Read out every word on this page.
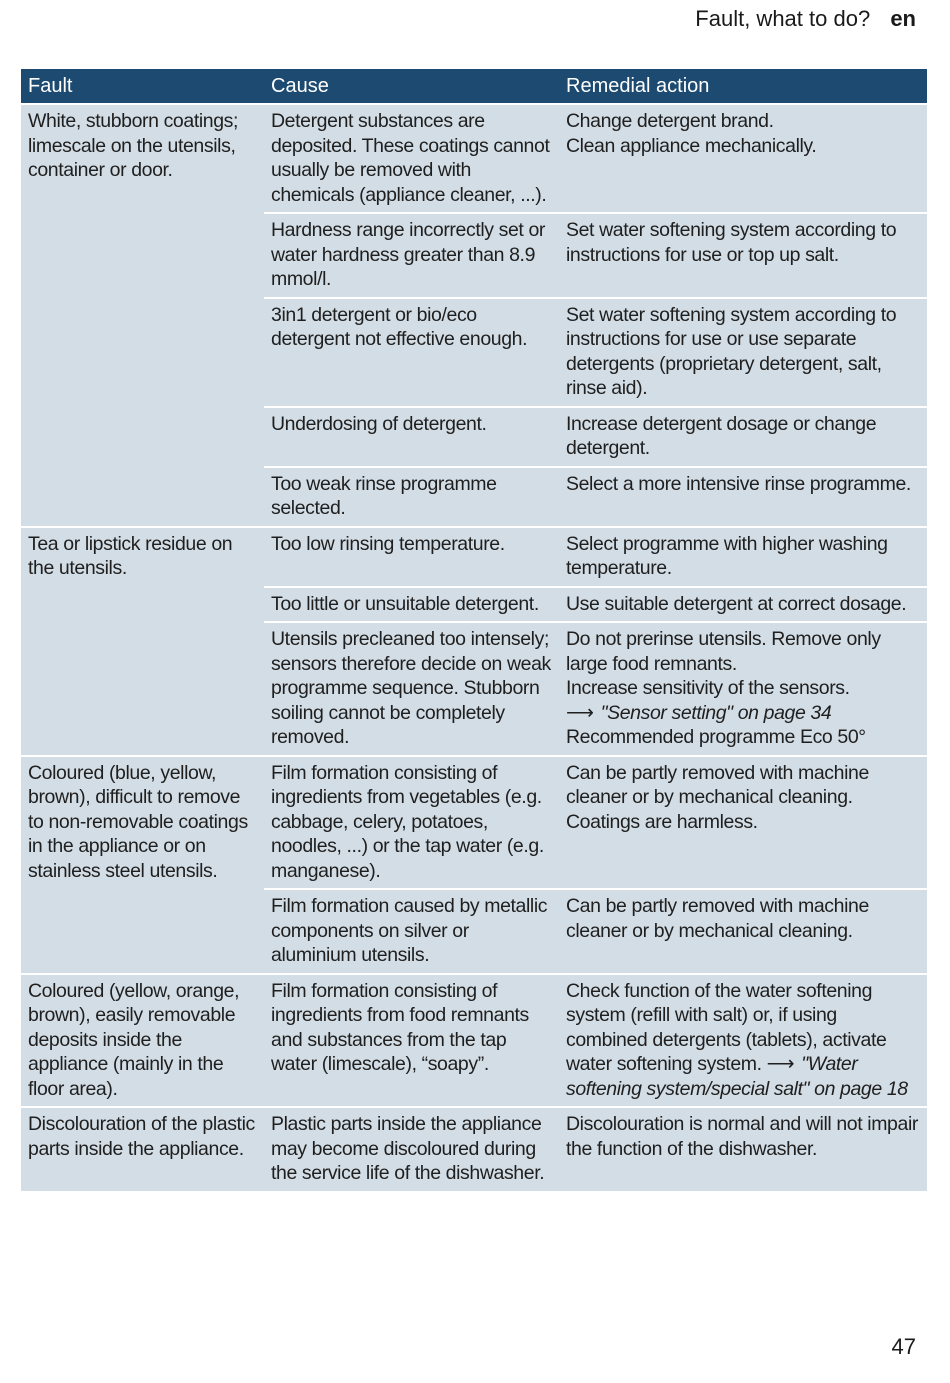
Fault, what to do? en
Fault	Cause	Remedial action
White, stubborn coatings; limescale on the utensils, container or door.	Detergent substances are deposited. These coatings cannot usually be removed with chemicals (appliance cleaner, ...).	Change detergent brand.
Clean appliance mechanically.

	Hardness range incorrectly set or water hardness greater than 8.9 mmol/l.	Set water softening system according to instructions for use or top up salt.
	3in1 detergent or bio/eco detergent not effective enough.	Set water softening system according to instructions for use or use separate detergents (proprietary detergent, salt, rinse aid).
	Underdosing of detergent.	Increase detergent dosage or change detergent.
	Too weak rinse programme selected.	Select a more intensive rinse programme.
Tea or lipstick residue on the utensils.	Too low rinsing temperature.	Select programme with higher washing temperature.
	Too little or unsuitable detergent.	Use suitable detergent at correct dosage.
	Utensils precleaned too intensely; sensors therefore decide on weak programme sequence. Stubborn soiling cannot be completely removed.	Do not prerinse utensils. Remove only large food remnants.
Increase sensitivity of the sensors.
⟶ "Sensor setting" on page 34
Recommended programme Eco 50°

Coloured (blue, yellow, brown), difficult to remove to non-removable coatings in the appliance or on stainless steel utensils.	Film formation consisting of ingredients from vegetables (e.g. cabbage, celery, potatoes, noodles, ...) or the tap water (e.g. manganese).	Can be partly removed with machine cleaner or by mechanical cleaning.
Coatings are harmless.

	Film formation caused by metallic components on silver or aluminium utensils.	Can be partly removed with machine cleaner or by mechanical cleaning.
Coloured (yellow, orange, brown), easily removable deposits inside the appliance (mainly in the floor area).	Film formation consisting of ingredients from food remnants and substances from the tap water (limescale), “soapy”.	Check function of the water softening system (refill with salt) or, if using combined detergents (tablets), activate water softening system. ⟶ "Water softening system/special salt" on page 18
Discolouration of the plastic parts inside the appliance.	Plastic parts inside the appliance may become discoloured during the service life of the dishwasher.	Discolouration is normal and will not impair the function of the dishwasher.
47
